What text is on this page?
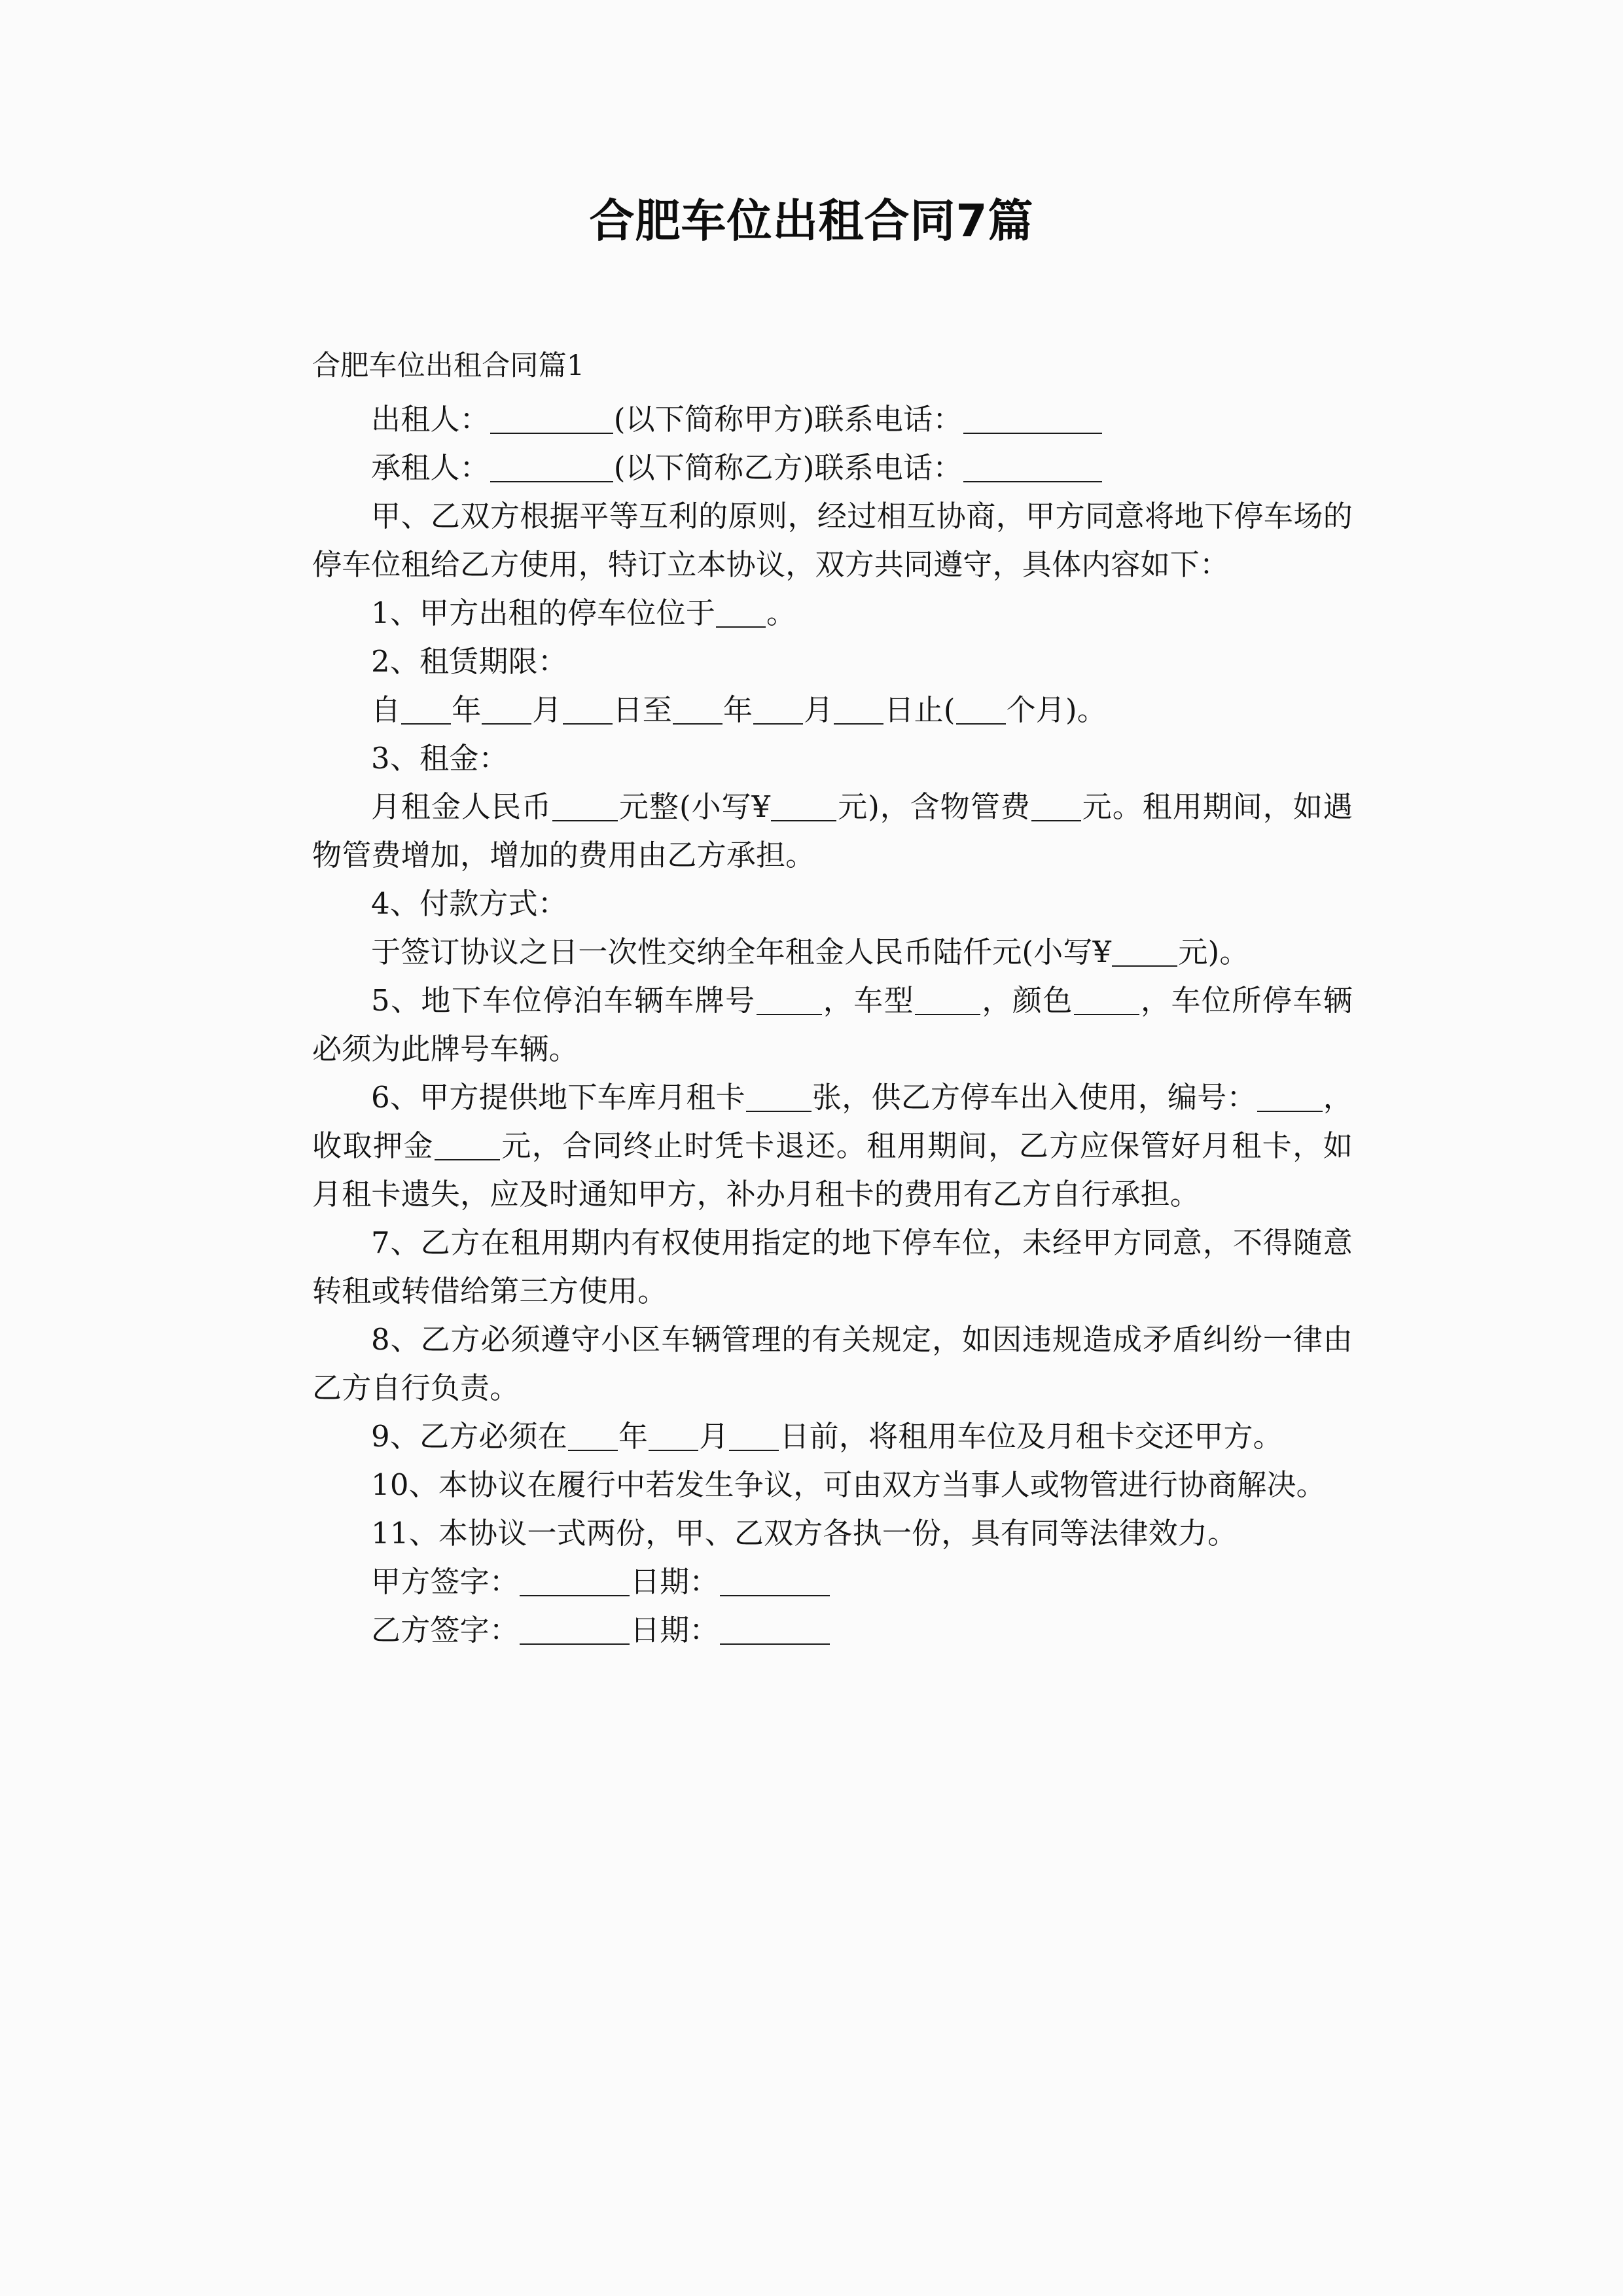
合肥车位出租合同7篇

合肥车位出租合同篇1

出租人：	(以下简称甲方)联系电话：

承租人：	(以下简称乙方)联系电话：

甲、乙双方根据平等互利的原则，经过相互协商，甲方同意将地下停车场的停车位租给乙方使用，特订立本协议，双方共同遵守，具体内容如下：

1、甲方出租的停车位位于 。

2、租赁期限：

自 年 月 日至 年 月 日止( 个月)。

3、租金：

月租金人民币 元整(小写¥ 元)，含物管费 元。租用期间，如遇物管费增加，增加的费用由乙方承担。

4、付款方式：

于签订协议之日一次性交纳全年租金人民币陆仟元(小写¥ 元)。

5、地下车位停泊车辆车牌号 ，车型 ，颜色 ，车位所停车辆必须为此牌号车辆。

6、甲方提供地下车库月租卡 张，供乙方停车出入使用，编号： ，收取押金 元，合同终止时凭卡退还。租用期间，乙方应保管好月租卡，如月租卡遗失，应及时通知甲方，补办月租卡的费用有乙方自行承担。

7、乙方在租用期内有权使用指定的地下停车位，未经甲方同意，不得随意转租或转借给第三方使用。

8、乙方必须遵守小区车辆管理的有关规定，如因违规造成矛盾纠纷一律由乙方自行负责。

9、乙方必须在 年 月 日前，将租用车位及月租卡交还甲方。

10、本协议在履行中若发生争议，可由双方当事人或物管进行协商解决。

11、本协议一式两份，甲、乙双方各执一份，具有同等法律效力。

甲方签字：	日期：

乙方签字：	日期：
